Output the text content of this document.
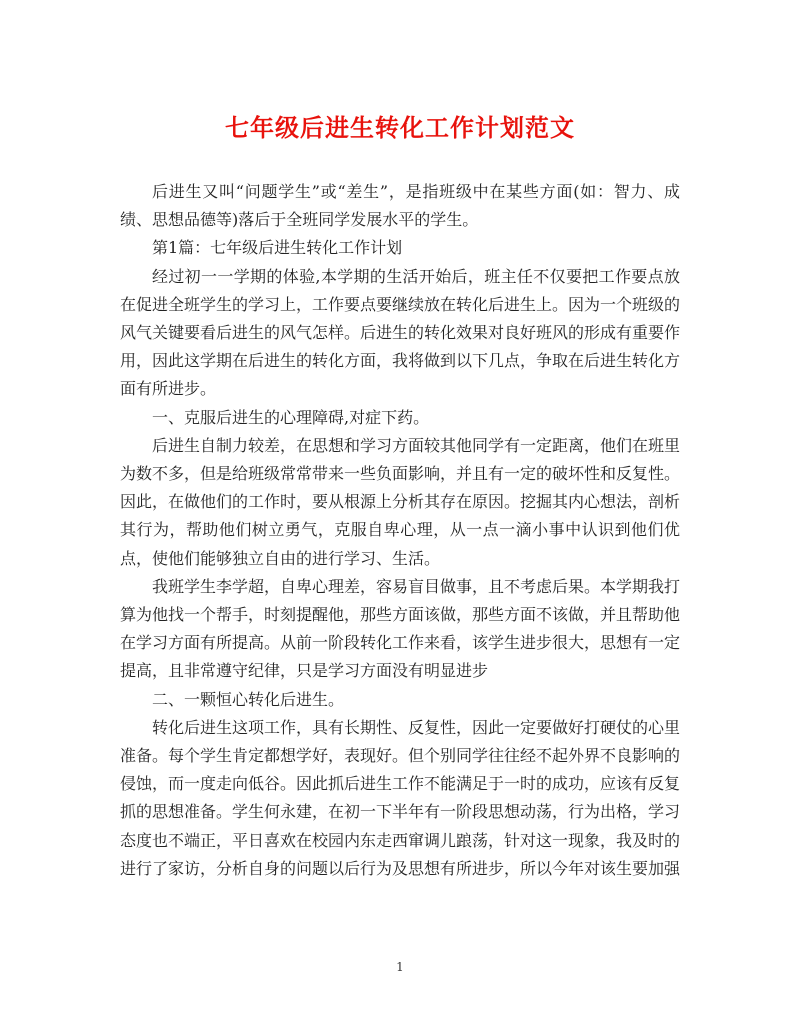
七年级后进生转化工作计划范文

后进生又叫“问题学生”或“差生”，是指班级中在某些方面(如：智力、成绩、思想品德等)落后于全班同学发展水平的学生。

第1篇：七年级后进生转化工作计划

经过初一一学期的体验,本学期的生活开始后，班主任不仅要把工作要点放在促进全班学生的学习上，工作要点要继续放在转化后进生上。因为一个班级的风气关键要看后进生的风气怎样。后进生的转化效果对良好班风的形成有重要作用，因此这学期在后进生的转化方面，我将做到以下几点，争取在后进生转化方面有所进步。

一、克服后进生的心理障碍,对症下药。

后进生自制力较差，在思想和学习方面较其他同学有一定距离，他们在班里为数不多，但是给班级常常带来一些负面影响，并且有一定的破坏性和反复性。因此，在做他们的工作时，要从根源上分析其存在原因。挖掘其内心想法，剖析其行为，帮助他们树立勇气，克服自卑心理，从一点一滴小事中认识到他们优点，使他们能够独立自由的进行学习、生活。

我班学生李学超，自卑心理差，容易盲目做事，且不考虑后果。本学期我打算为他找一个帮手，时刻提醒他，那些方面该做，那些方面不该做，并且帮助他在学习方面有所提高。从前一阶段转化工作来看，该学生进步很大，思想有一定提高，且非常遵守纪律，只是学习方面没有明显进步

二、一颗恒心转化后进生。

转化后进生这项工作，具有长期性、反复性，因此一定要做好打硬仗的心里准备。每个学生肯定都想学好，表现好。但个别同学往往经不起外界不良影响的侵蚀，而一度走向低谷。因此抓后进生工作不能满足于一时的成功，应该有反复抓的思想准备。学生何永建，在初一下半年有一阶段思想动荡，行为出格，学习态度也不端正，平日喜欢在校园内东走西窜调儿踉荡，针对这一现象，我及时的进行了家访，分析自身的问题以后行为及思想有所进步，所以今年对该生要加强

1
